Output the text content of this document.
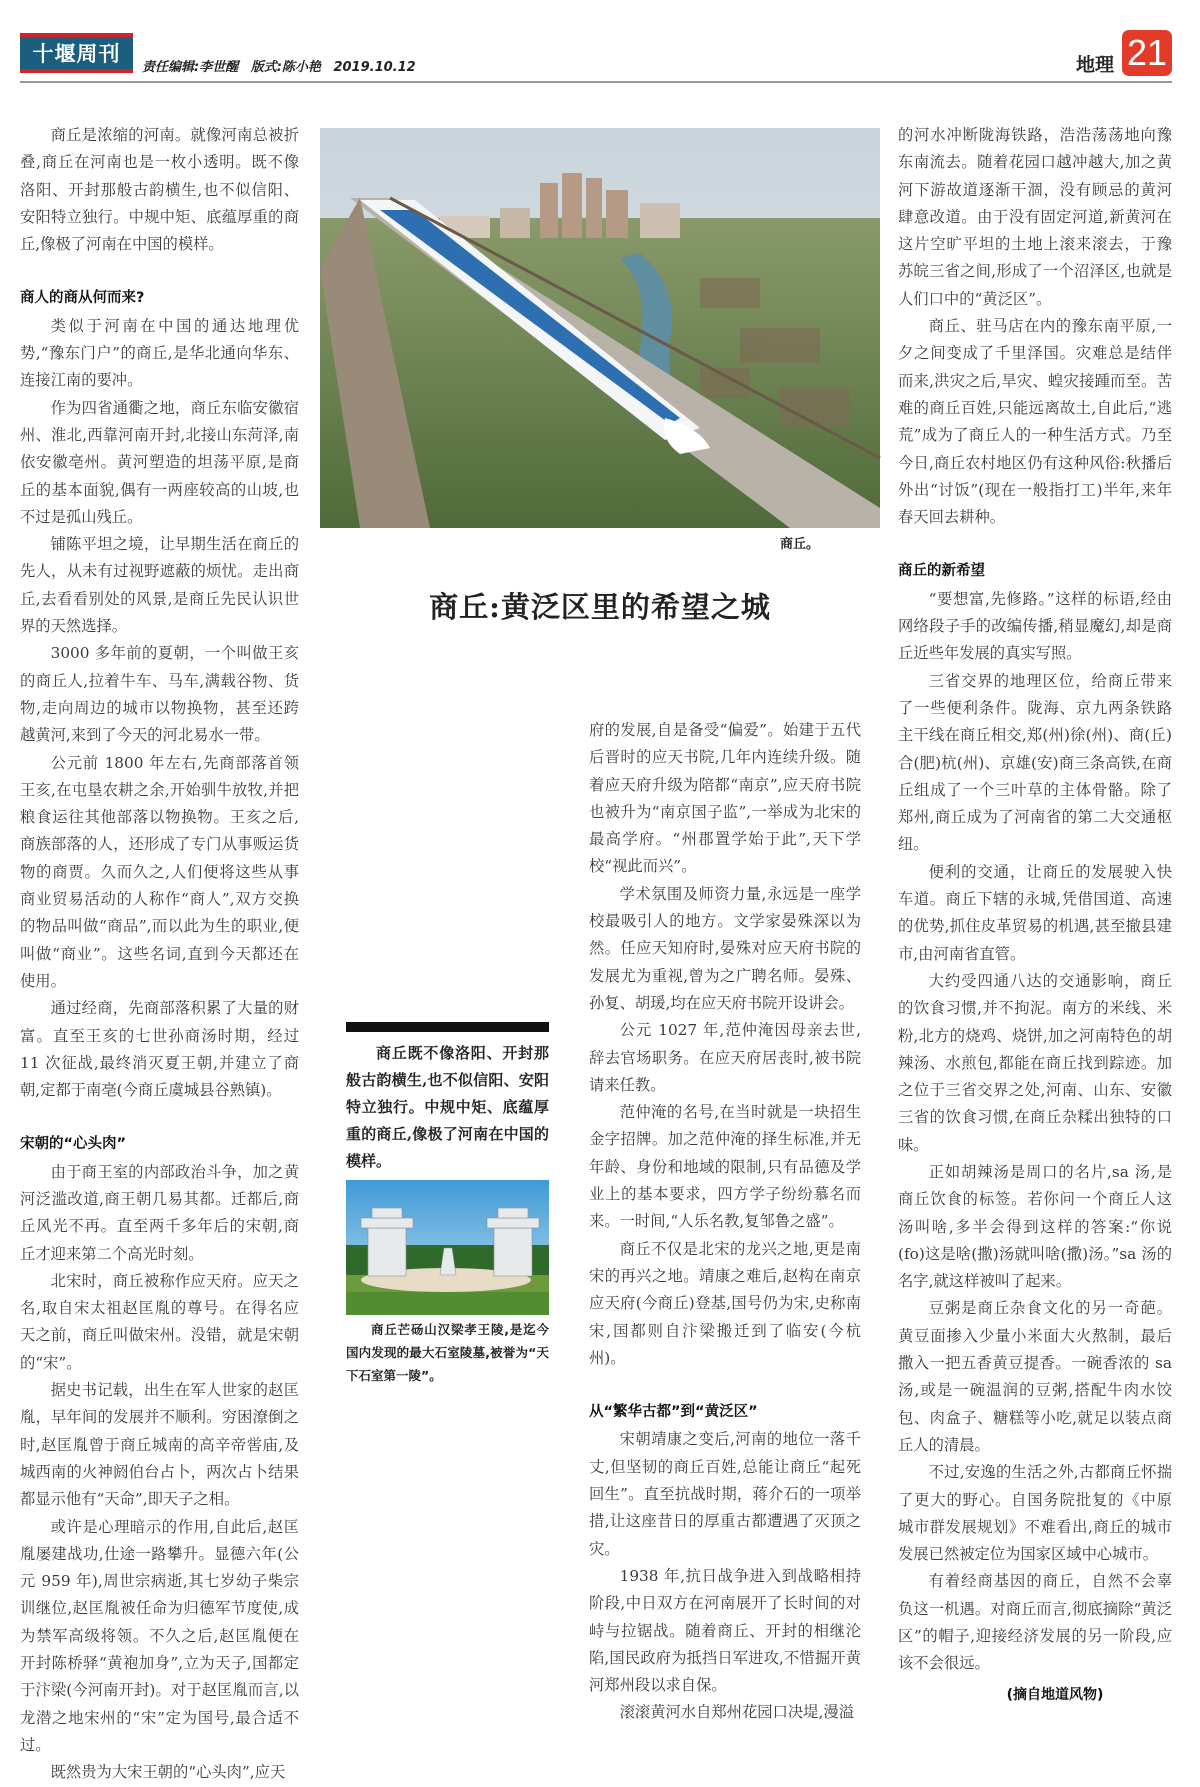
十堰周刊
责任编辑:李世醒 版式:陈小艳 2019.10.12	地理 21

商丘是浓缩的河南。就像河南总被折叠,商丘在河南也是一枚小透明。既不像洛阳、开封那般古韵横生,也不似信阳、安阳特立独行。中规中矩、底蕴厚重的商丘,像极了河南在中国的模样。

商人的商从何而来?

类似于河南在中国的通达地理优势,“豫东门户”的商丘,是华北通向华东、连接江南的要冲。

作为四省通衢之地，商丘东临安徽宿州、淮北,西靠河南开封,北接山东菏泽,南依安徽亳州。黄河塑造的坦荡平原,是商丘的基本面貌,偶有一两座较高的山坡,也不过是孤山残丘。

铺陈平坦之境，让早期生活在商丘的先人，从未有过视野遮蔽的烦忧。走出商丘,去看看别处的风景,是商丘先民认识世界的天然选择。

3000 多年前的夏朝，一个叫做王亥的商丘人,拉着牛车、马车,满载谷物、货物,走向周边的城市以物换物，甚至还跨越黄河,来到了今天的河北易水一带。

公元前 1800 年左右,先商部落首领王亥,在屯垦农耕之余,开始驯牛放牧,并把粮食运往其他部落以物换物。王亥之后,商族部落的人，还形成了专门从事贩运货物的商贾。久而久之,人们便将这些从事商业贸易活动的人称作“商人”,双方交换的物品叫做“商品”,而以此为生的职业,便叫做“商业”。这些名词,直到今天都还在使用。

通过经商，先商部落积累了大量的财富。直至王亥的七世孙商汤时期，经过 11 次征战,最终消灭夏王朝,并建立了商朝,定都于南亳(今商丘虞城县谷熟镇)。

宋朝的“心头肉”

由于商王室的内部政治斗争，加之黄河泛滥改道,商王朝几易其都。迁都后,商丘风光不再。直至两千多年后的宋朝,商丘才迎来第二个高光时刻。

北宋时，商丘被称作应天府。应天之名,取自宋太祖赵匡胤的尊号。在得名应天之前，商丘叫做宋州。没错，就是宋朝的“宋”。

据史书记载，出生在军人世家的赵匡胤，早年间的发展并不顺利。穷困潦倒之时,赵匡胤曾于商丘城南的高辛帝喾庙,及城西南的火神阏伯台占卜，两次占卜结果都显示他有“天命”,即天子之相。

或许是心理暗示的作用,自此后,赵匡胤屡建战功,仕途一路攀升。显德六年(公元 959 年),周世宗病逝,其七岁幼子柴宗训继位,赵匡胤被任命为归德军节度使,成为禁军高级将领。不久之后,赵匡胤便在开封陈桥驿“黄袍加身”,立为天子,国都定于汴梁(今河南开封)。对于赵匡胤而言,以龙潜之地宋州的“宋”定为国号,最合适不过。

既然贵为大宋王朝的“心头肉”,应天

商丘。
商丘:黄泛区里的希望之城

商丘既不像洛阳、开封那般古韵横生,也不似信阳、安阳特立独行。中规中矩、底蕴厚重的商丘,像极了河南在中国的模样。

商丘芒砀山汉梁孝王陵,是迄今国内发现的最大石室陵墓,被誉为“天下石室第一陵”。

府的发展,自是备受“偏爱”。始建于五代后晋时的应天书院,几年内连续升级。随着应天府升级为陪都“南京”,应天府书院也被升为“南京国子监”,一举成为北宋的最高学府。“州郡置学始于此”,天下学校“视此而兴”。

学术氛围及师资力量,永远是一座学校最吸引人的地方。文学家晏殊深以为然。任应天知府时,晏殊对应天府书院的发展尤为重视,曾为之广聘名师。晏殊、孙复、胡瑗,均在应天府书院开设讲会。

公元 1027 年,范仲淹因母亲去世,辞去官场职务。在应天府居丧时,被书院请来任教。

范仲淹的名号,在当时就是一块招生金字招牌。加之范仲淹的择生标准,并无年龄、身份和地域的限制,只有品德及学业上的基本要求，四方学子纷纷慕名而来。一时间,“人乐名教,复邹鲁之盛”。

商丘不仅是北宋的龙兴之地,更是南宋的再兴之地。靖康之难后,赵构在南京应天府(今商丘)登基,国号仍为宋,史称南宋,国都则自汴梁搬迁到了临安(今杭州)。

从“繁华古都”到“黄泛区”

宋朝靖康之变后,河南的地位一落千丈,但坚韧的商丘百姓,总能让商丘“起死回生”。直至抗战时期，蒋介石的一项举措,让这座昔日的厚重古都遭遇了灭顶之灾。

1938 年,抗日战争进入到战略相持阶段,中日双方在河南展开了长时间的对峙与拉锯战。随着商丘、开封的相继沦陷,国民政府为抵挡日军进攻,不惜掘开黄河郑州段以求自保。

滚滚黄河水自郑州花园口决堤,漫溢

的河水冲断陇海铁路，浩浩荡荡地向豫东南流去。随着花园口越冲越大,加之黄河下游故道逐渐干涸，没有顾忌的黄河肆意改道。由于没有固定河道,新黄河在这片空旷平坦的土地上滚来滚去，于豫苏皖三省之间,形成了一个沼泽区,也就是人们口中的“黄泛区”。

商丘、驻马店在内的豫东南平原,一夕之间变成了千里泽国。灾难总是结伴而来,洪灾之后,旱灾、蝗灾接踵而至。苦难的商丘百姓,只能远离故土,自此后,“逃荒”成为了商丘人的一种生活方式。乃至今日,商丘农村地区仍有这种风俗:秋播后外出“讨饭”(现在一般指打工)半年,来年春天回去耕种。

商丘的新希望

“要想富,先修路。”这样的标语,经由网络段子手的改编传播,稍显魔幻,却是商丘近些年发展的真实写照。

三省交界的地理区位，给商丘带来了一些便利条件。陇海、京九两条铁路主干线在商丘相交,郑(州)徐(州)、商(丘)合(肥)杭(州)、京雄(安)商三条高铁,在商丘组成了一个三叶草的主体骨骼。除了郑州,商丘成为了河南省的第二大交通枢纽。

便利的交通，让商丘的发展驶入快车道。商丘下辖的永城,凭借国道、高速的优势,抓住皮革贸易的机遇,甚至撤县建市,由河南省直管。

大约受四通八达的交通影响，商丘的饮食习惯,并不拘泥。南方的米线、米粉,北方的烧鸡、烧饼,加之河南特色的胡辣汤、水煎包,都能在商丘找到踪迹。加之位于三省交界之处,河南、山东、安徽三省的饮食习惯,在商丘杂糅出独特的口味。

正如胡辣汤是周口的名片,sa 汤,是商丘饮食的标签。若你问一个商丘人这汤叫啥,多半会得到这样的答案:“你说(fo)这是啥(撒)汤就叫啥(撒)汤。”sa 汤的名字,就这样被叫了起来。

豆粥是商丘杂食文化的另一奇葩。黄豆面掺入少量小米面大火熬制，最后撒入一把五香黄豆提香。一碗香浓的 sa 汤,或是一碗温润的豆粥,搭配牛肉水饺包、肉盒子、糖糕等小吃,就足以装点商丘人的清晨。

不过,安逸的生活之外,古都商丘怀揣了更大的野心。自国务院批复的《中原城市群发展规划》不难看出,商丘的城市发展已然被定位为国家区域中心城市。

有着经商基因的商丘，自然不会辜负这一机遇。对商丘而言,彻底摘除“黄泛区”的帽子,迎接经济发展的另一阶段,应该不会很远。

(摘自地道风物)
